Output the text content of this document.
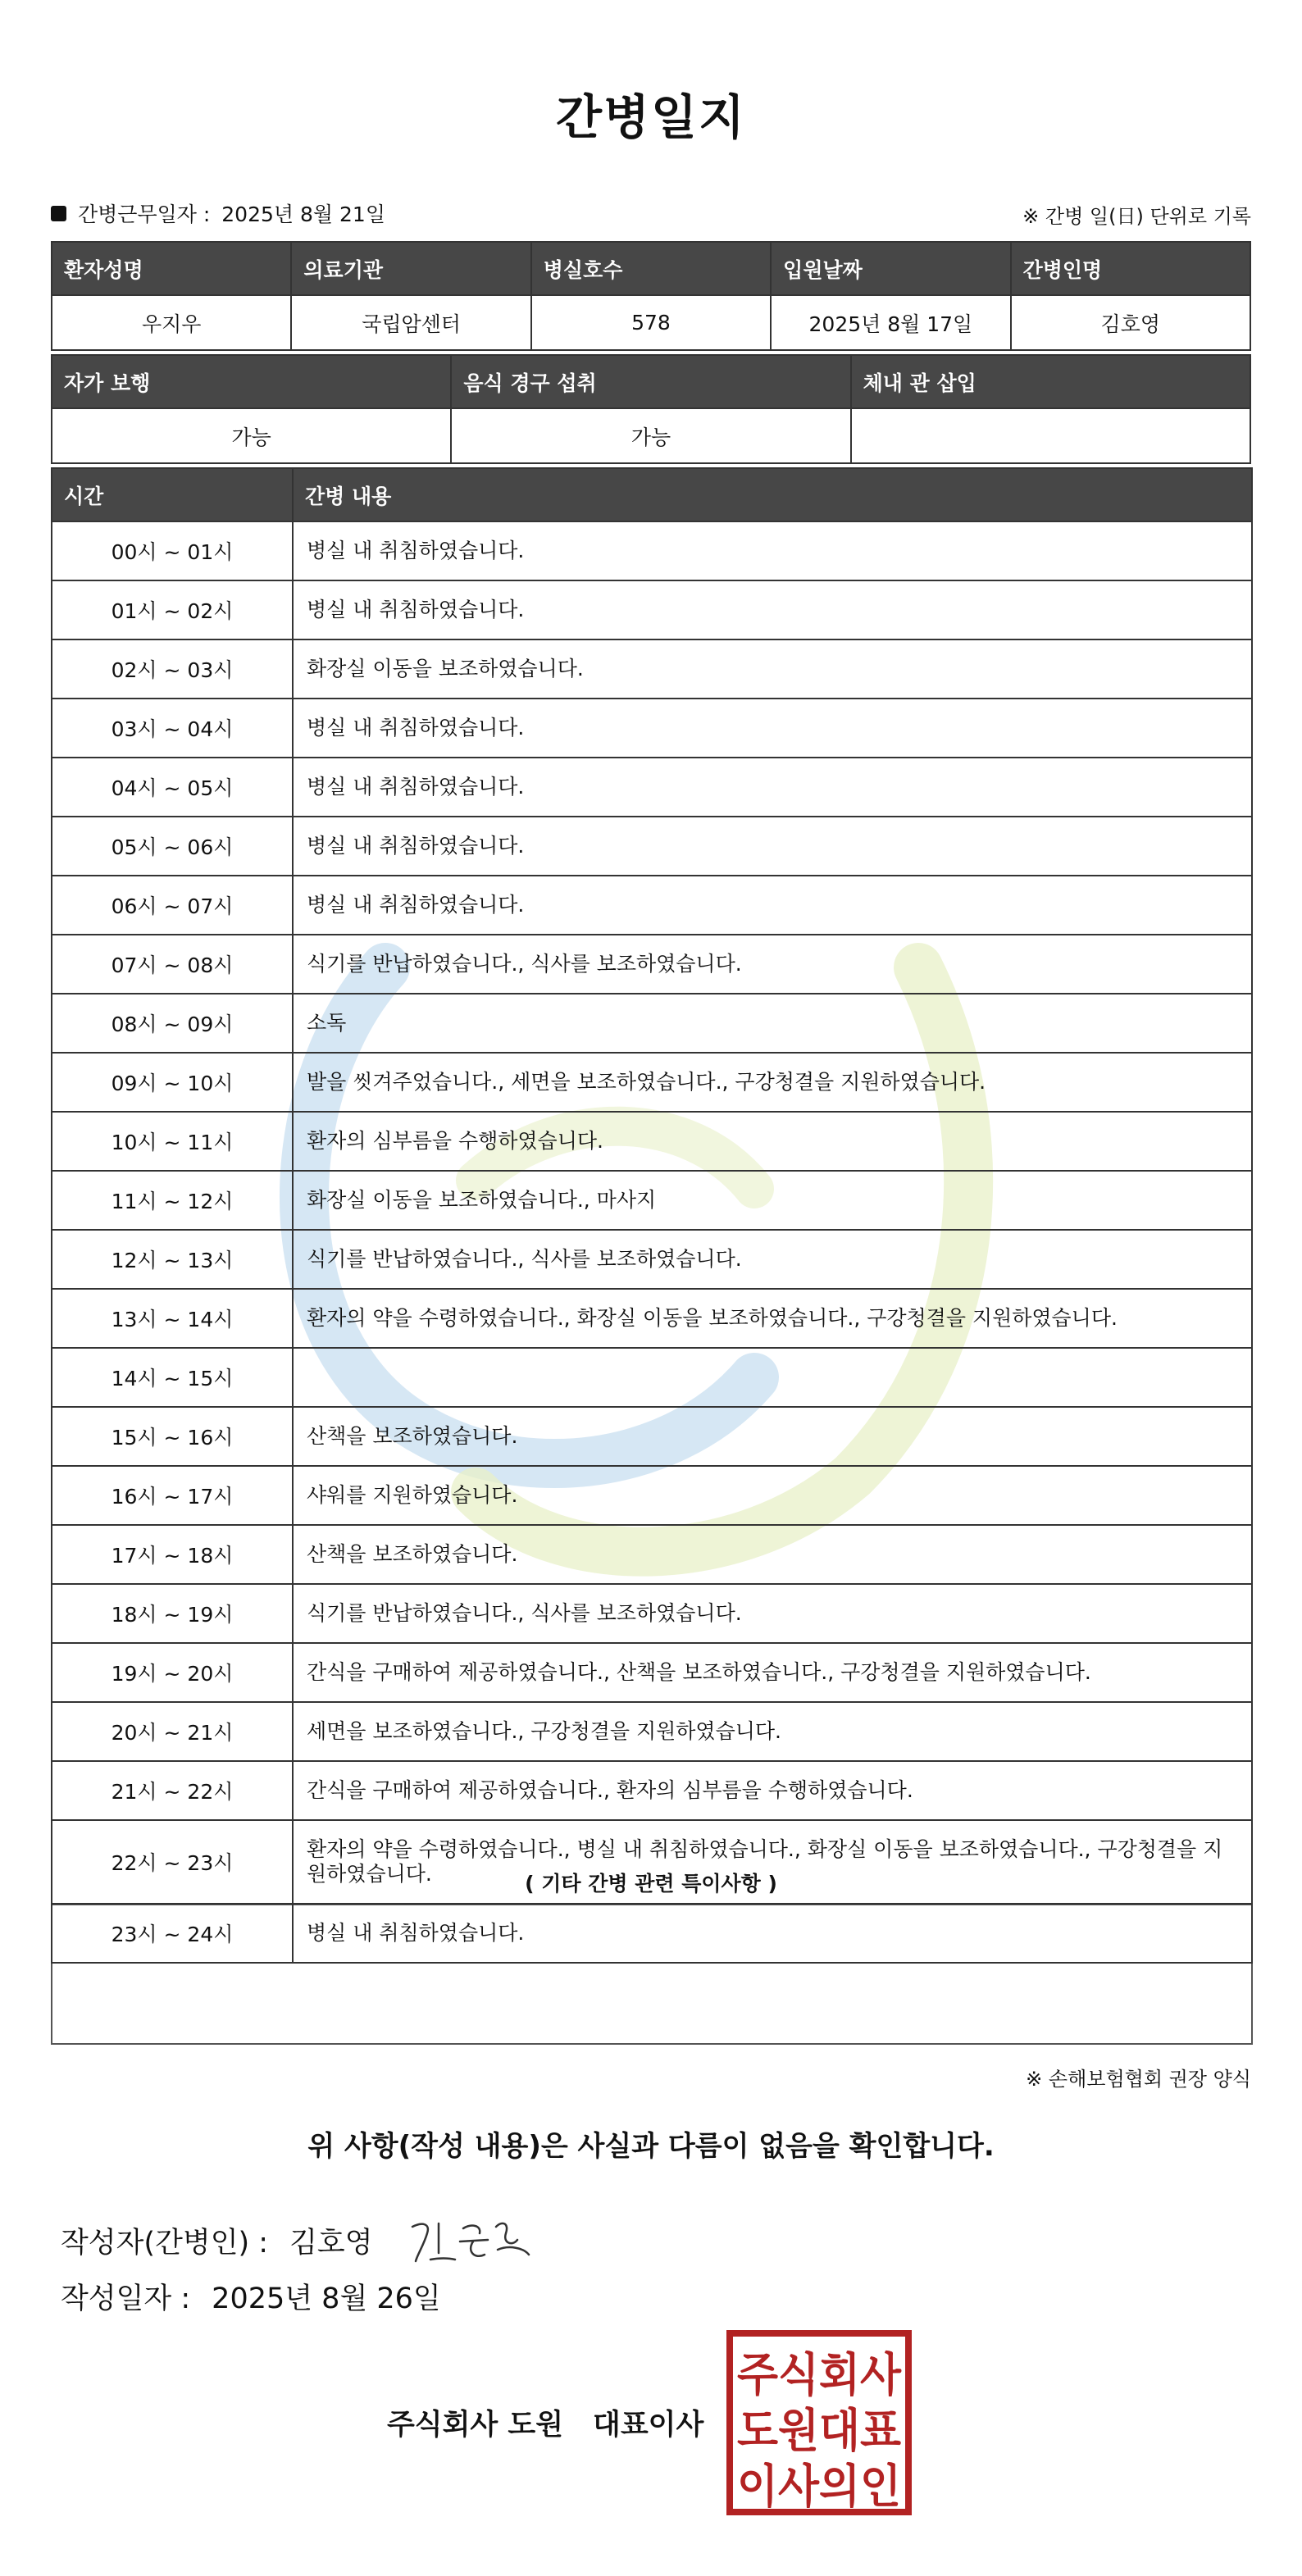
간병일지
간병근무일자 : 2025년 8월 21일	※ 간병 일(日) 단위로 기록
환자성명	의료기관	병실호수	입원날짜	간병인명
우지우	국립암센터	578	2025년 8월 17일	김호영
자가 보행	음식 경구 섭취	체내 관 삽입
가능	가능	
시간	간병 내용
00시 ~ 01시	병실 내 취침하였습니다.
01시 ~ 02시	병실 내 취침하였습니다.
02시 ~ 03시	화장실 이동을 보조하였습니다.
03시 ~ 04시	병실 내 취침하였습니다.
04시 ~ 05시	병실 내 취침하였습니다.
05시 ~ 06시	병실 내 취침하였습니다.
06시 ~ 07시	병실 내 취침하였습니다.
07시 ~ 08시	식기를 반납하였습니다., 식사를 보조하였습니다.
08시 ~ 09시	소독
09시 ~ 10시	발을 씻겨주었습니다., 세면을 보조하였습니다., 구강청결을 지원하였습니다.
10시 ~ 11시	환자의 심부름을 수행하였습니다.
11시 ~ 12시	화장실 이동을 보조하였습니다., 마사지
12시 ~ 13시	식기를 반납하였습니다., 식사를 보조하였습니다.
13시 ~ 14시	환자의 약을 수령하였습니다., 화장실 이동을 보조하였습니다., 구강청결을 지원하였습니다.
14시 ~ 15시	
15시 ~ 16시	산책을 보조하였습니다.
16시 ~ 17시	샤워를 지원하였습니다.
17시 ~ 18시	산책을 보조하였습니다.
18시 ~ 19시	식기를 반납하였습니다., 식사를 보조하였습니다.
19시 ~ 20시	간식을 구매하여 제공하였습니다., 산책을 보조하였습니다., 구강청결을 지원하였습니다.
20시 ~ 21시	세면을 보조하였습니다., 구강청결을 지원하였습니다.
21시 ~ 22시	간식을 구매하여 제공하였습니다., 환자의 심부름을 수행하였습니다.
22시 ~ 23시	환자의 약을 수령하였습니다., 병실 내 취침하였습니다., 화장실 이동을 보조하였습니다., 구강청결을 지원하였습니다.
23시 ~ 24시	병실 내 취침하였습니다.
( 기타 간병 관련 특이사항 )
※ 손해보험협회 권장 양식
위 사항(작성 내용)은 사실과 다름이 없음을 확인합니다.
작성자(간병인) : 김호영
작성일자 : 2025년 8월 26일
주식회사 도원 대표이사
주식회사
도원대표
이사의인
